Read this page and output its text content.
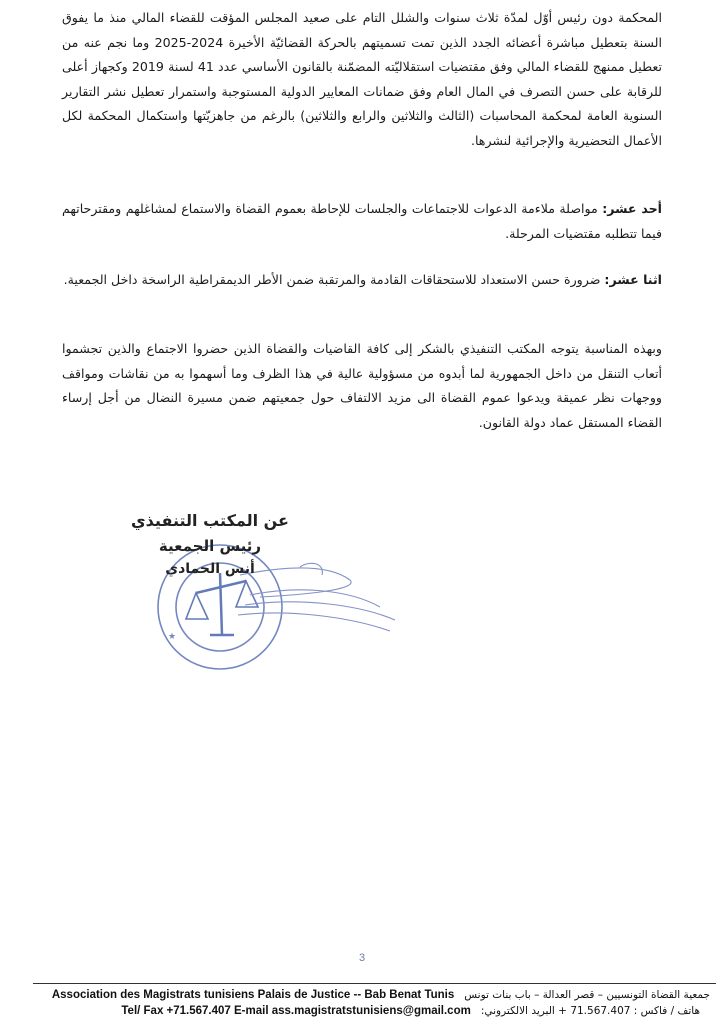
المحكمة دون رئيس أوّل لمدّة ثلاث سنوات والشلل التام على صعيد المجلس المؤقت للقضاء المالي منذ ما يفوق السنة بتعطيل مباشرة أعضائه الجدد الذين تمت تسميتهم بالحركة القضائيّة الأخيرة 2024-2025 وما نجم عنه من تعطيل ممنهج للقضاء المالي وفق مقتضيات استقلاليّته المضمّنة بالقانون الأساسي عدد 41 لسنة 2019 وكجهاز أعلى للرقابة على حسن التصرف في المال العام وفق ضمانات المعايير الدولية المستوجبة واستمرار تعطيل نشر التقارير السنوية العامة لمحكمة المحاسبات (الثالث والثلاثين والرابع والثلاثين) بالرغم من جاهزيّتها واستكمال المحكمة لكل الأعمال التحضيرية والإجرائية لنشرها.

أحد عشر: مواصلة ملاءمة الدعوات للاجتماعات والجلسات للإحاطة بعموم القضاة والاستماع لمشاغلهم ومقترحاتهم فيما تتطلبه مقتضيات المرحلة.

اثنا عشر: ضرورة حسن الاستعداد للاستحقاقات القادمة والمرتقبة ضمن الأطر الديمقراطية الراسخة داخل الجمعية.

وبهذه المناسبة يتوجه المكتب التنفيذي بالشكر إلى كافة القاضيات والقضاة الذين حضروا الاجتماع والذين تجشموا أتعاب التنقل من داخل الجمهورية لما أبدوه من مسؤولية عالية في هذا الظرف وما أسهموا به من نقاشات ومواقف ووجهات نظر عميقة ويدعوا عموم القضاة الى مزيد الالتفاف حول جمعيتهم ضمن مسيرة النضال من أجل إرساء القضاء المستقل عماد دولة القانون.

عن المكتب التنفيذي
رئيس الجمعية
أنس الحمادي
★
3
Association des Magistrats tunisiens Palais de Justice -- Bab Benat Tunis جمعية القضاة التونسيين – قصر العدالة – باب بنات تونس
Tel/ Fax +71.567.407 E-mail ass.magistratstunisiens@gmail.com هاتف / فاكس : 71.567.407 + البريد الالكتروني:
